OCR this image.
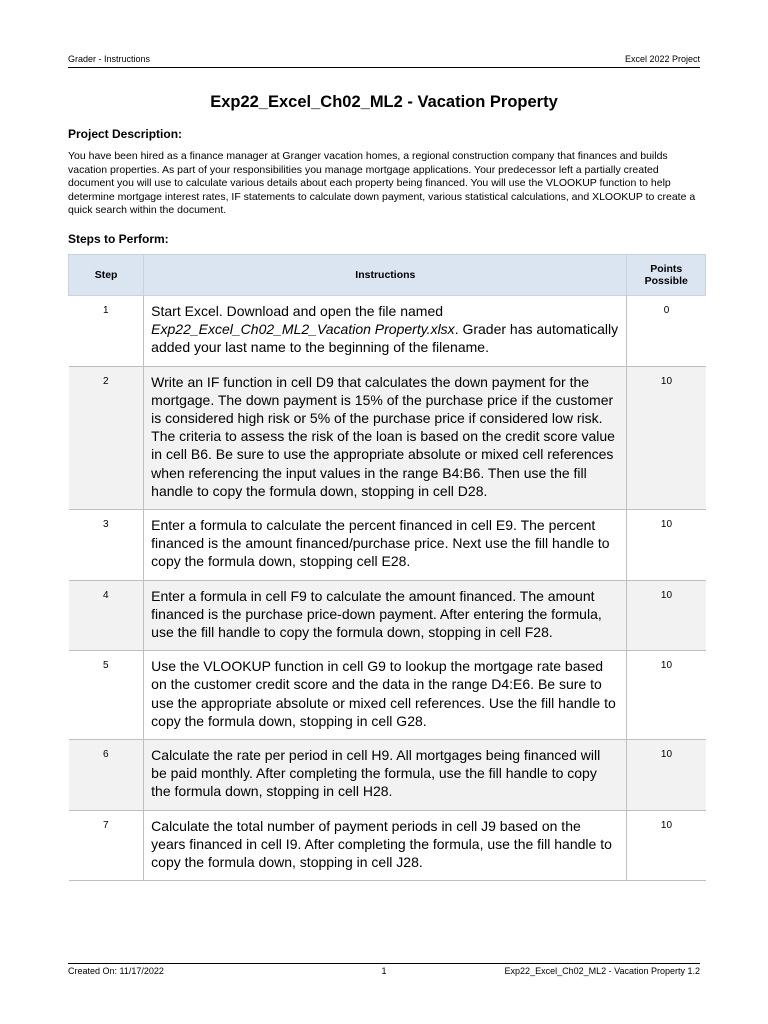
Grader - Instructions	Excel 2022 Project
Exp22_Excel_Ch02_ML2 - Vacation Property
Project Description:
You have been hired as a finance manager at Granger vacation homes, a regional construction company that finances and builds vacation properties. As part of your responsibilities you manage mortgage applications. Your predecessor left a partially created document you will use to calculate various details about each property being financed. You will use the VLOOKUP function to help determine mortgage interest rates, IF statements to calculate down payment, various statistical calculations, and XLOOKUP to create a quick search within the document.
Steps to Perform:
Step	Instructions	Points
Possible
1	Start Excel. Download and open the file named Exp22_Excel_Ch02_ML2_Vacation Property.xlsx. Grader has automatically added your last name to the beginning of the filename.	0
2	Write an IF function in cell D9 that calculates the down payment for the mortgage. The down payment is 15% of the purchase price if the customer is considered high risk or 5% of the purchase price if considered low risk. The criteria to assess the risk of the loan is based on the credit score value in cell B6. Be sure to use the appropriate absolute or mixed cell references when referencing the input values in the range B4:B6. Then use the fill handle to copy the formula down, stopping in cell D28.	10
3	Enter a formula to calculate the percent financed in cell E9. The percent financed is the amount financed/purchase price. Next use the fill handle to copy the formula down, stopping cell E28.	10
4	Enter a formula in cell F9 to calculate the amount financed. The amount financed is the purchase price-down payment. After entering the formula, use the fill handle to copy the formula down, stopping in cell F28.	10
5	Use the VLOOKUP function in cell G9 to lookup the mortgage rate based on the customer credit score and the data in the range D4:E6. Be sure to use the appropriate absolute or mixed cell references. Use the fill handle to copy the formula down, stopping in cell G28.	10
6	Calculate the rate per period in cell H9. All mortgages being financed will be paid monthly. After completing the formula, use the fill handle to copy the formula down, stopping in cell H28.	10
7	Calculate the total number of payment periods in cell J9 based on the years financed in cell I9. After completing the formula, use the fill handle to copy the formula down, stopping in cell J28.	10
Created On: 11/17/2022	1	Exp22_Excel_Ch02_ML2 - Vacation Property 1.2
